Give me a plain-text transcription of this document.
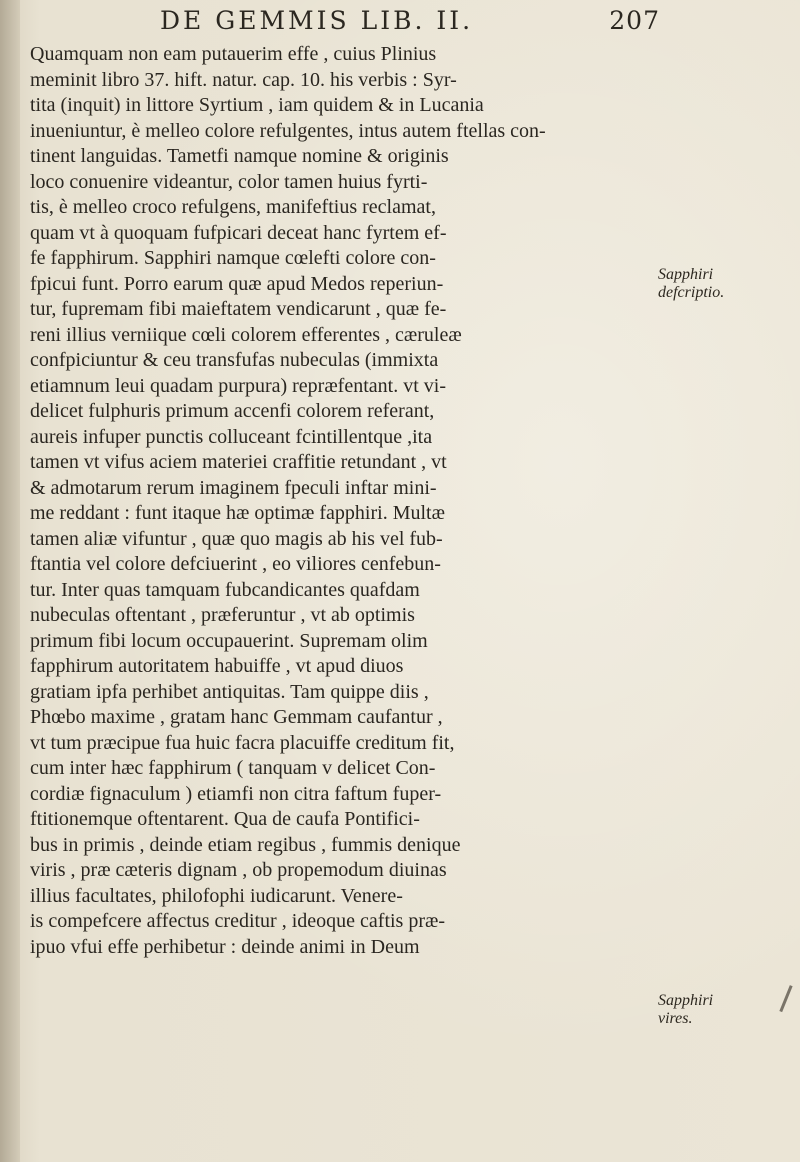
DE GEMMIS LIB. II.	207
Quamquam non eam putauerim effe , cuius Plinius
meminit libro 37. hift. natur. cap. 10. his verbis : Syr-
tita (inquit) in littore Syrtium , iam quidem & in Lucania
inueniuntur, è melleo colore refulgentes, intus autem ftellas con-
tinent languidas. Tametfi namque nomine & originis
loco conuenire videantur, color tamen huius fyrti-
tis, è melleo croco refulgens, manifeftius reclamat,
quam vt à quoquam fufpicari deceat hanc fyrtem ef-
fe fapphirum. Sapphiri namque cœlefti colore con-
fpicui funt. Porro earum quæ apud Medos reperiun-
tur, fupremam fibi maieftatem vendicarunt , quæ fe-
reni illius verniique cœli colorem efferentes , cæruleæ
confpiciuntur & ceu transfufas nubeculas (immixta
etiamnum leui quadam purpura) repræfentant. vt vi-
delicet fulphuris primum accenfi colorem referant,
aureis infuper punctis colluceant fcintillentque ,ita
tamen vt vifus aciem materiei craffitie retundant , vt
& admotarum rerum imaginem fpeculi inftar mini-
me reddant : funt itaque hæ optimæ fapphiri. Multæ
tamen aliæ vifuntur , quæ quo magis ab his vel fub-
ftantia vel colore defciuerint , eo viliores cenfebun-
tur. Inter quas tamquam fubcandicantes quafdam
nubeculas oftentant , præferuntur , vt ab optimis
primum fibi locum occupauerint. Supremam olim
fapphirum autoritatem habuiffe , vt apud diuos
gratiam ipfa perhibet antiquitas. Tam quippe diis ,
Phœbo maxime , gratam hanc Gemmam caufantur ,
vt tum præcipue fua huic facra placuiffe creditum fit,
cum inter hæc fapphirum ( tanquam v delicet Con-
cordiæ fignaculum ) etiamfi non citra faftum fuper-
ftitionemque oftentarent. Qua de caufa Pontifici-
bus in primis , deinde etiam regibus , fummis denique
viris , præ cæteris dignam , ob propemodum diuinas
illius facultates, philofophi iudicarunt. Venere-
is compefcere affectus creditur , ideoque caftis præ-
ipuo vfui effe perhibetur : deinde animi in Deum
Sapphiri
defcriptio.
Sapphiri
vires.
